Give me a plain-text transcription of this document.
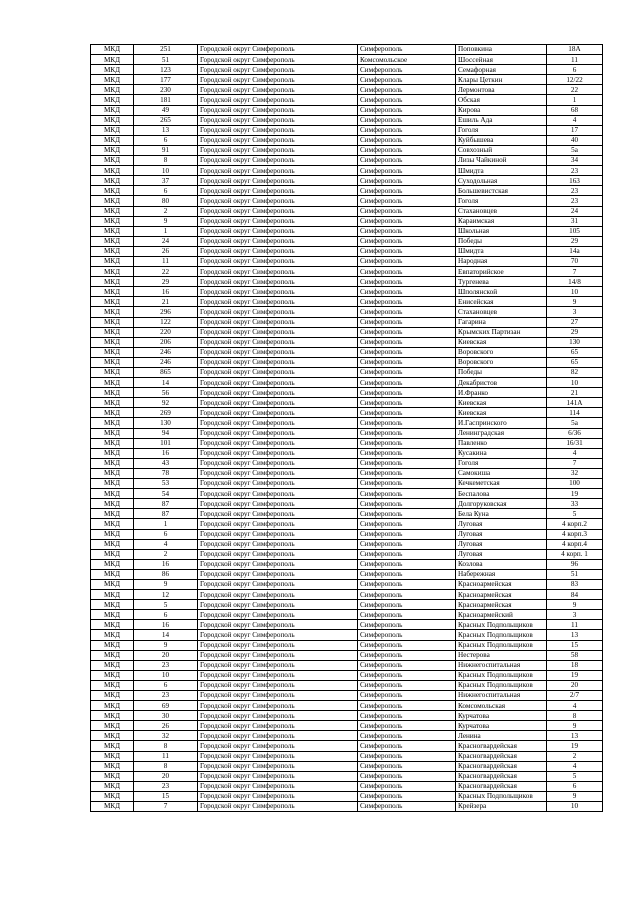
МКД	251	Городской округ Симферополь	Симферополь	Поповкина	18А
МКД	51	Городской округ Симферополь	Комсомольское	Шоссейная	11
МКД	123	Городской округ Симферополь	Симферополь	Семафорная	6
МКД	177	Городской округ Симферополь	Симферополь	Клары Цеткин	12/22
МКД	230	Городской округ Симферополь	Симферополь	Лермонтова	22
МКД	181	Городской округ Симферополь	Симферополь	Обская	1
МКД	49	Городской округ Симферополь	Симферополь	Кирова	68
МКД	265	Городской округ Симферополь	Симферополь	Ешиль Ада	4
МКД	13	Городской округ Симферополь	Симферополь	Гоголя	17
МКД	6	Городской округ Симферополь	Симферополь	Куйбышева	40
МКД	91	Городской округ Симферополь	Симферополь	Совхозный	5а
МКД	8	Городской округ Симферополь	Симферополь	Лизы Чайкиной	34
МКД	10	Городской округ Симферополь	Симферополь	Шмидта	23
МКД	37	Городской округ Симферополь	Симферополь	Суходольная	163
МКД	6	Городской округ Симферополь	Симферополь	Большевистская	23
МКД	80	Городской округ Симферополь	Симферополь	Гоголя	23
МКД	2	Городской округ Симферополь	Симферополь	Стахановцев	24
МКД	9	Городской округ Симферополь	Симферополь	Караимская	31
МКД	1	Городской округ Симферополь	Симферополь	Школьная	105
МКД	24	Городской округ Симферополь	Симферополь	Победы	29
МКД	26	Городской округ Симферополь	Симферополь	Шмидта	14а
МКД	11	Городской округ Симферополь	Симферополь	Народная	70
МКД	22	Городской округ Симферополь	Симферополь	Евпаторийское	7
МКД	29	Городской округ Симферополь	Симферополь	Тургенева	14/8
МКД	16	Городской округ Симферополь	Симферополь	Шполянской	10
МКД	21	Городской округ Симферополь	Симферополь	Енисейская	9
МКД	296	Городской округ Симферополь	Симферополь	Стахановцев	3
МКД	122	Городской округ Симферополь	Симферополь	Гагарина	27
МКД	220	Городской округ Симферополь	Симферополь	Крымских Партизан	29
МКД	206	Городской округ Симферополь	Симферополь	Киевская	130
МКД	246	Городской округ Симферополь	Симферополь	Воровского	65
МКД	246	Городской округ Симферополь	Симферополь	Воровского	65
МКД	865	Городской округ Симферополь	Симферополь	Победы	82
МКД	14	Городской округ Симферополь	Симферополь	Декабристов	10
МКД	56	Городской округ Симферополь	Симферополь	И.Франко	21
МКД	92	Городской округ Симферополь	Симферополь	Киевская	141А
МКД	269	Городской округ Симферополь	Симферополь	Киевская	114
МКД	130	Городской округ Симферополь	Симферополь	И.Гаспринского	5а
МКД	94	Городской округ Симферополь	Симферополь	Ленинградская	6/36
МКД	101	Городской округ Симферополь	Симферополь	Павленко	16/31
МКД	16	Городской округ Симферополь	Симферополь	Кусакина	4
МКД	43	Городской округ Симферополь	Симферополь	Гоголя	7
МКД	78	Городской округ Симферополь	Симферополь	Самокиша	32
МКД	53	Городской округ Симферополь	Симферополь	Кечкеметская	100
МКД	54	Городской округ Симферополь	Симферополь	Беспалова	19
МКД	87	Городской округ Симферополь	Симферополь	Долгоруковская	33
МКД	87	Городской округ Симферополь	Симферополь	Бела Куна	5
МКД	1	Городской округ Симферополь	Симферополь	Луговая	4 корп.2
МКД	6	Городской округ Симферополь	Симферополь	Луговая	4 корп.3
МКД	4	Городской округ Симферополь	Симферополь	Луговая	4 корп.4
МКД	2	Городской округ Симферополь	Симферополь	Луговая	4 корп. 1
МКД	16	Городской округ Симферополь	Симферополь	Козлова	96
МКД	86	Городской округ Симферополь	Симферополь	Набережная	51
МКД	9	Городской округ Симферополь	Симферополь	Красноармейская	83
МКД	12	Городской округ Симферополь	Симферополь	Красноармейская	84
МКД	5	Городской округ Симферополь	Симферополь	Красноармейская	9
МКД	6	Городской округ Симферополь	Симферополь	Красноармейский	3
МКД	16	Городской округ Симферополь	Симферополь	Красных Подпольщиков	11
МКД	14	Городской округ Симферополь	Симферополь	Красных Подпольщиков	13
МКД	9	Городской округ Симферополь	Симферополь	Красных Подпольщиков	15
МКД	20	Городской округ Симферополь	Симферополь	Нестерова	58
МКД	23	Городской округ Симферополь	Симферополь	Нижнегоспитальная	18
МКД	10	Городской округ Симферополь	Симферополь	Красных Подпольщиков	19
МКД	6	Городской округ Симферополь	Симферополь	Красных Подпольщиков	20
МКД	23	Городской округ Симферополь	Симферополь	Нижнегоспитальная	2/7
МКД	69	Городской округ Симферополь	Симферополь	Комсомольская	4
МКД	30	Городской округ Симферополь	Симферополь	Курчатова	8
МКД	26	Городской округ Симферополь	Симферополь	Курчатова	9
МКД	32	Городской округ Симферополь	Симферополь	Ленина	13
МКД	8	Городской округ Симферополь	Симферополь	Красногвардейская	19
МКД	11	Городской округ Симферополь	Симферополь	Красногвардейская	2
МКД	8	Городской округ Симферополь	Симферополь	Красногвардейская	4
МКД	20	Городской округ Симферополь	Симферополь	Красногвардейская	5
МКД	23	Городской округ Симферополь	Симферополь	Красногвардейская	6
МКД	15	Городской округ Симферополь	Симферополь	Красных Подпольщиков	9
МКД	7	Городской округ Симферополь	Симферополь	Крейзера	10
